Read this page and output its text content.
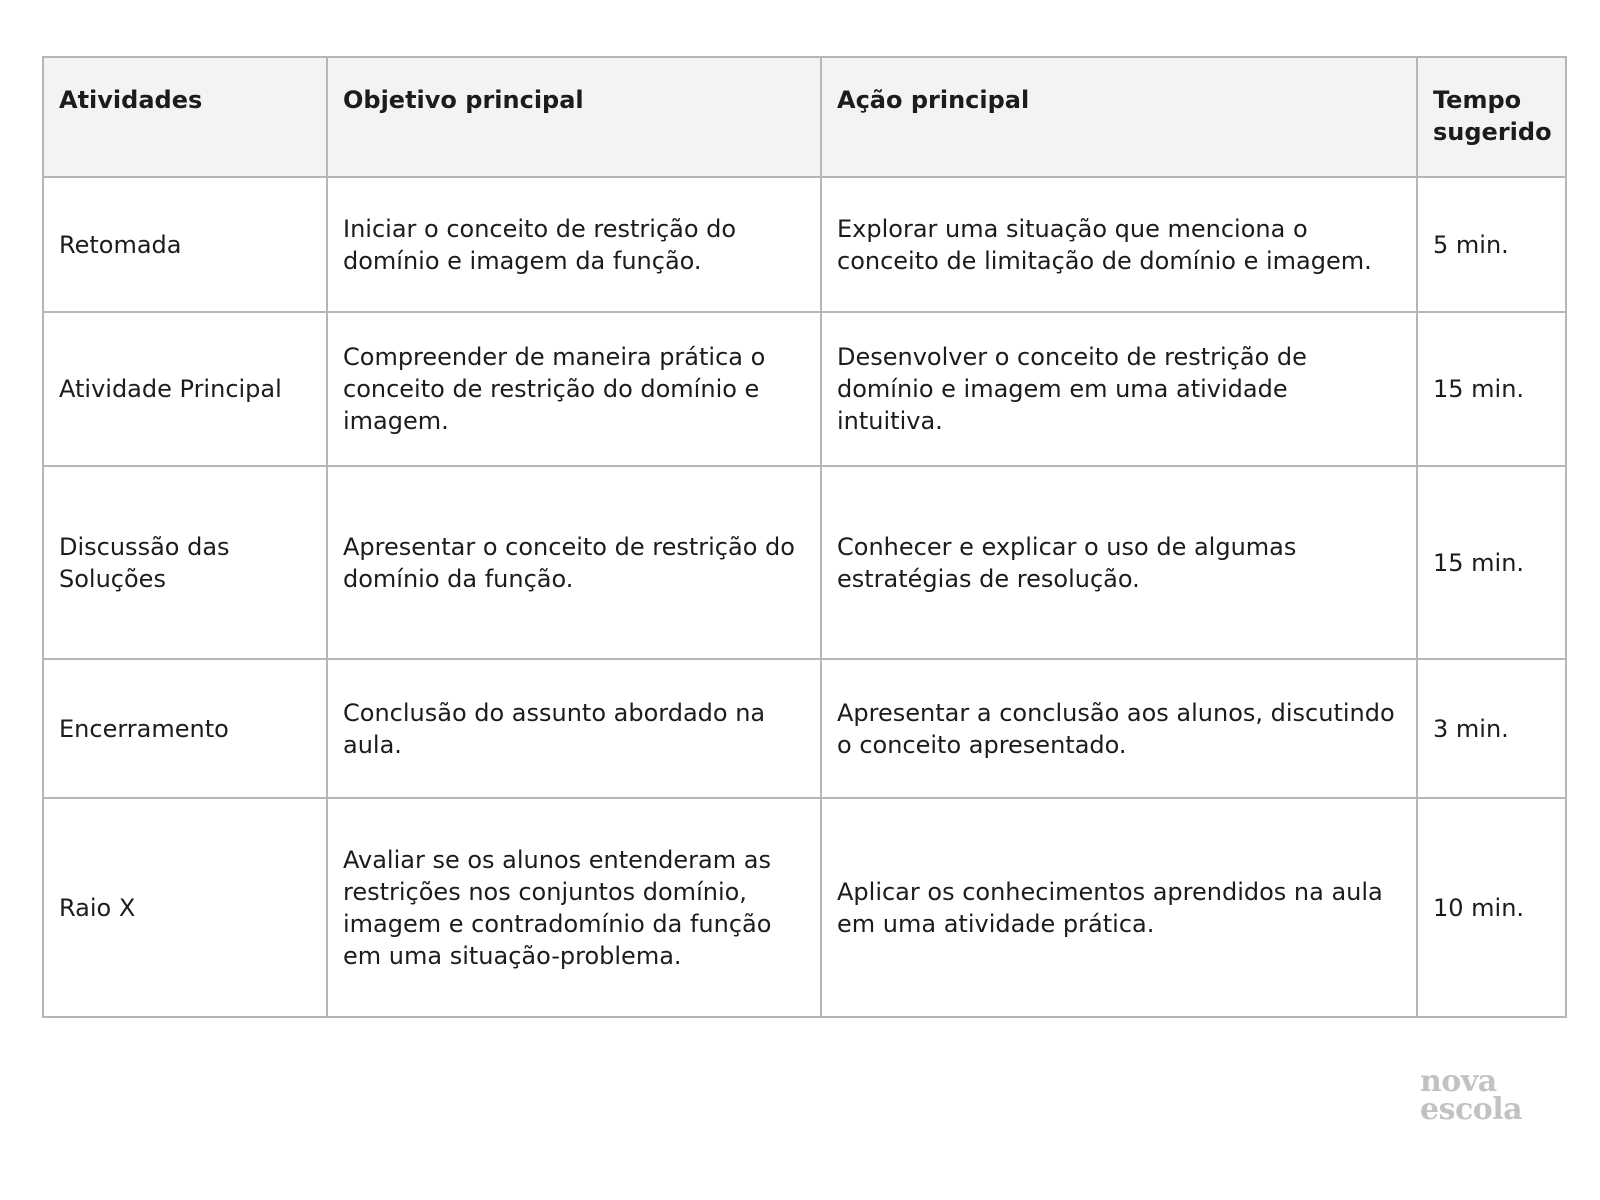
Atividades	Objetivo principal	Ação principal	Tempo sugerido
Retomada	Iniciar o conceito de restrição do domínio e imagem da função.	Explorar uma situação que menciona o conceito de limitação de domínio e imagem.	5 min.
Atividade Principal	Compreender de maneira prática o conceito de restrição do domínio e imagem.	Desenvolver o conceito de restrição de domínio e imagem em uma atividade intuitiva.	15 min.
Discussão das Soluções	Apresentar o conceito de restrição do domínio da função.	Conhecer e explicar o uso de algumas estratégias de resolução.	15 min.
Encerramento	Conclusão do assunto abordado na aula.	Apresentar a conclusão aos alunos, discutindo o conceito apresentado.	3 min.
Raio X	Avaliar se os alunos entenderam as restrições nos conjuntos domínio, imagem e contradomínio da função em uma situação-problema.	Aplicar os conhecimentos aprendidos na aula em uma atividade prática.	10 min.
nova
escola
